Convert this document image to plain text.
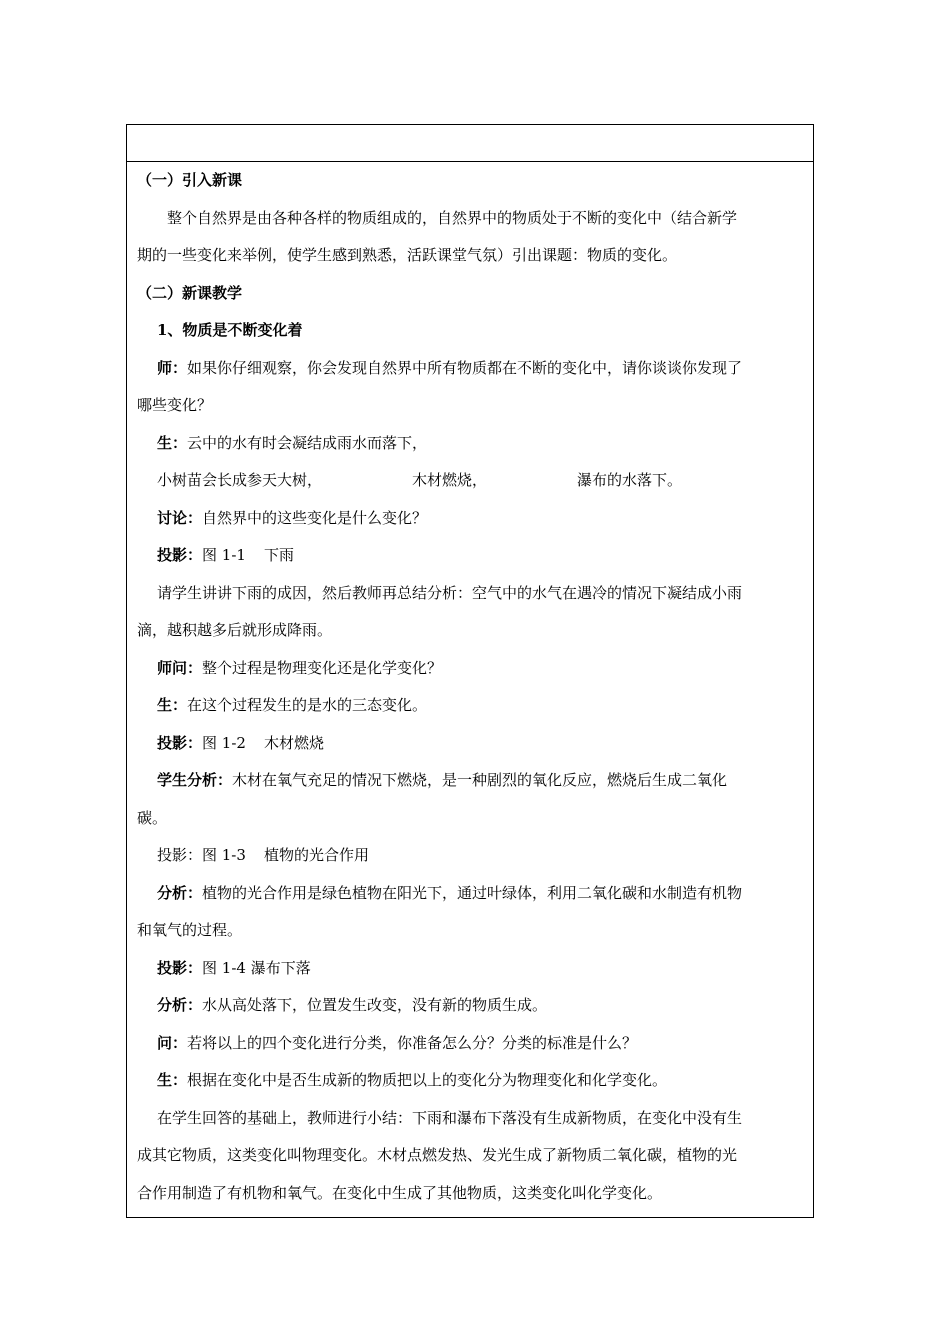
（一）引入新课
整个自然界是由各种各样的物质组成的，自然界中的物质处于不断的变化中（结合新学
期的一些变化来举例，使学生感到熟悉，活跃课堂气氛）引出课题：物质的变化。
（二）新课教学
1、物质是不断变化着
师：如果你仔细观察，你会发现自然界中所有物质都在不断的变化中，请你谈谈你发现了
哪些变化？
生：云中的水有时会凝结成雨水而落下，
小树苗会长成参天大树，	木材燃烧，	瀑布的水落下。
讨论：自然界中的这些变化是什么变化？
投影：图 1-1 下雨
请学生讲讲下雨的成因，然后教师再总结分析：空气中的水气在遇冷的情况下凝结成小雨
滴，越积越多后就形成降雨。
师问：整个过程是物理变化还是化学变化？
生：在这个过程发生的是水的三态变化。
投影：图 1-2 木材燃烧
学生分析：木材在氧气充足的情况下燃烧，是一种剧烈的氧化反应，燃烧后生成二氧化
碳。
投影：图 1-3 植物的光合作用
分析：植物的光合作用是绿色植物在阳光下，通过叶绿体，利用二氧化碳和水制造有机物
和氧气的过程。
投影：图 1-4 瀑布下落
分析：水从高处落下，位置发生改变，没有新的物质生成。
问：若将以上的四个变化进行分类，你准备怎么分？分类的标准是什么？
生：根据在变化中是否生成新的物质把以上的变化分为物理变化和化学变化。
在学生回答的基础上，教师进行小结：下雨和瀑布下落没有生成新物质，在变化中没有生
成其它物质，这类变化叫物理变化。木材点燃发热、发光生成了新物质二氧化碳，植物的光
合作用制造了有机物和氧气。在变化中生成了其他物质，这类变化叫化学变化。
